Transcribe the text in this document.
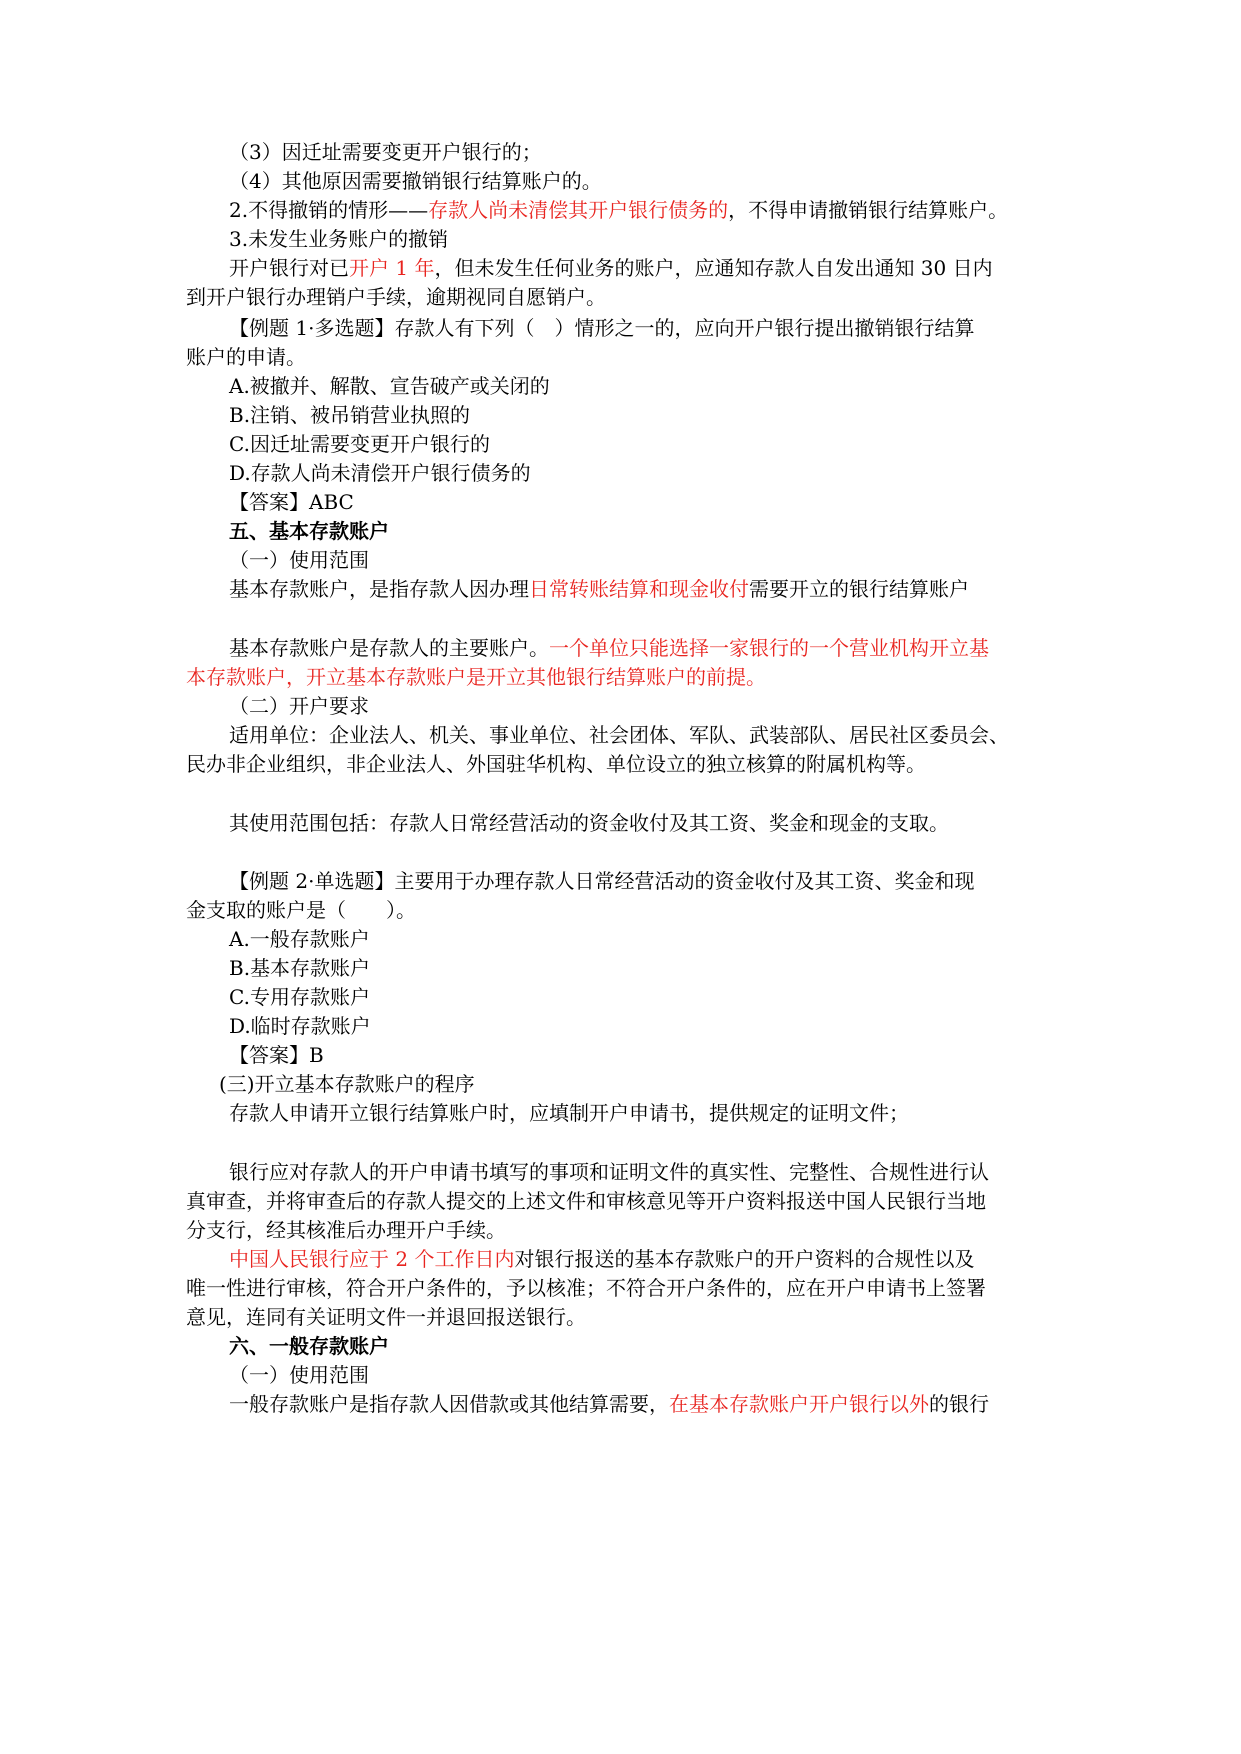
（3）因迁址需要变更开户银行的；
（4）其他原因需要撤销银行结算账户的。
2.不得撤销的情形——存款人尚未清偿其开户银行债务的，不得申请撤销银行结算账户。
3.未发生业务账户的撤销
开户银行对已开户 1 年，但未发生任何业务的账户，应通知存款人自发出通知 30 日内
到开户银行办理销户手续，逾期视同自愿销户。
【例题 1·多选题】存款人有下列（　）情形之一的，应向开户银行提出撤销银行结算
账户的申请。
A.被撤并、解散、宣告破产或关闭的
B.注销、被吊销营业执照的
C.因迁址需要变更开户银行的
D.存款人尚未清偿开户银行债务的
【答案】ABC
五、基本存款账户
（一）使用范围
基本存款账户，是指存款人因办理日常转账结算和现金收付需要开立的银行结算账户
基本存款账户是存款人的主要账户。一个单位只能选择一家银行的一个营业机构开立基
本存款账户，开立基本存款账户是开立其他银行结算账户的前提。
（二）开户要求
适用单位：企业法人、机关、事业单位、社会团体、军队、武装部队、居民社区委员会、
民办非企业组织，非企业法人、外国驻华机构、单位设立的独立核算的附属机构等。
其使用范围包括：存款人日常经营活动的资金收付及其工资、奖金和现金的支取。
【例题 2·单选题】主要用于办理存款人日常经营活动的资金收付及其工资、奖金和现
金支取的账户是（　　）。
A.一般存款账户
B.基本存款账户
C.专用存款账户
D.临时存款账户
【答案】B
(三)开立基本存款账户的程序
存款人申请开立银行结算账户时，应填制开户申请书，提供规定的证明文件；
银行应对存款人的开户申请书填写的事项和证明文件的真实性、完整性、合规性进行认
真审查，并将审查后的存款人提交的上述文件和审核意见等开户资料报送中国人民银行当地
分支行，经其核准后办理开户手续。
中国人民银行应于 2 个工作日内对银行报送的基本存款账户的开户资料的合规性以及
唯一性进行审核，符合开户条件的，予以核准；不符合开户条件的，应在开户申请书上签署
意见，连同有关证明文件一并退回报送银行。
六、一般存款账户
（一）使用范围
一般存款账户是指存款人因借款或其他结算需要，在基本存款账户开户银行以外的银行
